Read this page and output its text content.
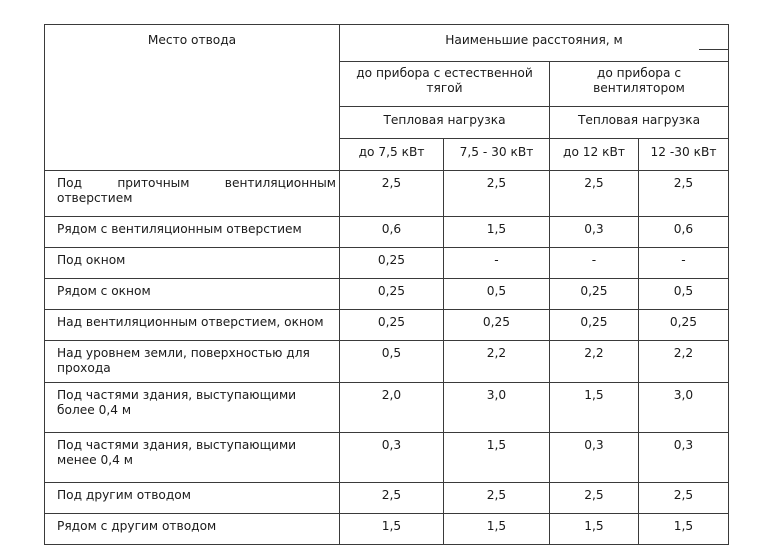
Место отвода	Наименьшие расстояния, м			
	до прибора с естественной тягой		до прибора с вентилятором	
	Тепловая нагрузка		Тепловая нагрузка	
	до 7,5 кВт	7,5 - 30 кВт	до 12 кВт	12 -30 кВт
Под приточным вентиляционным отверстием	2,5	2,5	2,5	2,5
Рядом с вентиляционным отверстием	0,6	1,5	0,3	0,6
Под окном	0,25	-	-	-
Рядом с окном	0,25	0,5	0,25	0,5
Над вентиляционным отверстием, окном	0,25	0,25	0,25	0,25
Над уровнем земли, поверхностью для прохода	0,5	2,2	2,2	2,2
Под частями здания, выступающими более 0,4 м	2,0	3,0	1,5	3,0
Под частями здания, выступающими менее 0,4 м	0,3	1,5	0,3	0,3
Под другим отводом	2,5	2,5	2,5	2,5
Рядом с другим отводом	1,5	1,5	1,5	1,5
